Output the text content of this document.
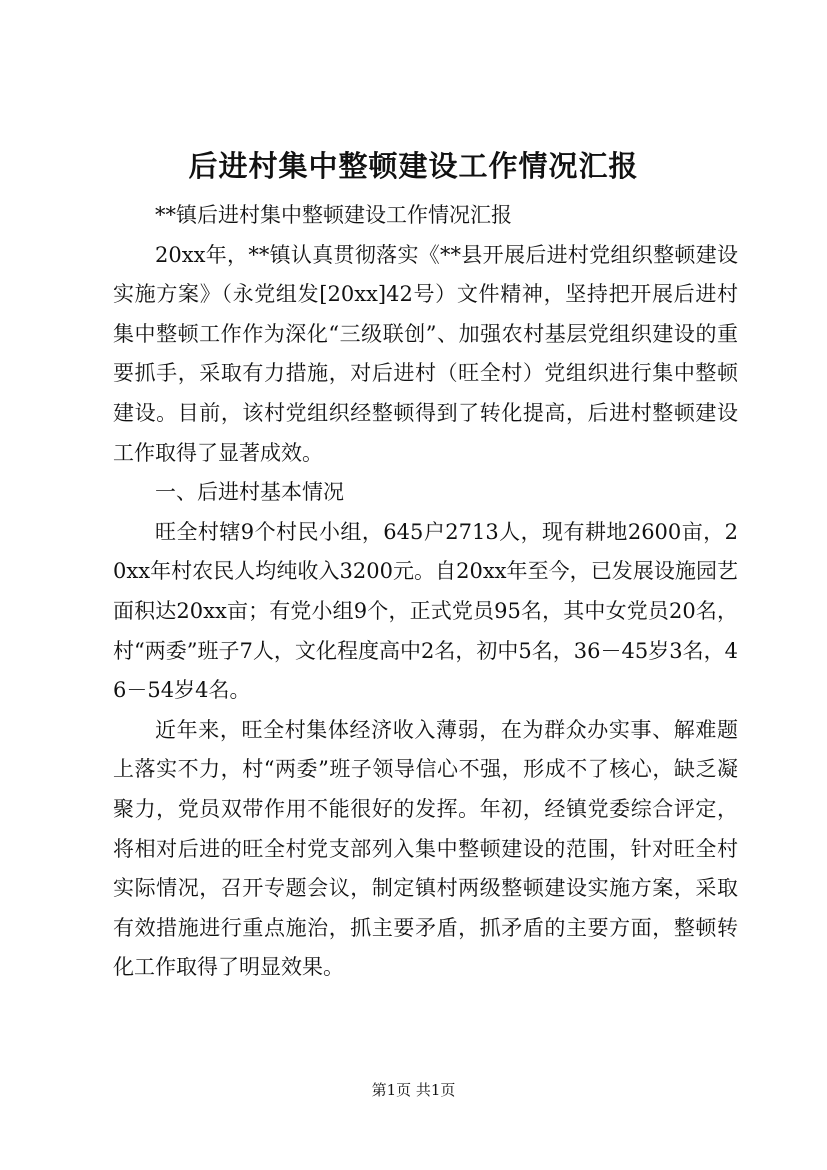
后进村集中整顿建设工作情况汇报

**镇后进村集中整顿建设工作情况汇报

20xx年，**镇认真贯彻落实《**县开展后进村党组织整顿建设实施方案》（永党组发[20xx]42号）文件精神，坚持把开展后进村集中整顿工作作为深化“三级联创”、加强农村基层党组织建设的重要抓手，采取有力措施，对后进村（旺全村）党组织进行集中整顿建设。目前，该村党组织经整顿得到了转化提高，后进村整顿建设工作取得了显著成效。

一、后进村基本情况

旺全村辖9个村民小组，645户2713人，现有耕地2600亩，20xx年村农民人均纯收入3200元。自20xx年至今，已发展设施园艺面积达20xx亩；有党小组9个，正式党员95名，其中女党员20名，村“两委”班子7人，文化程度高中2名，初中5名，36－45岁3名，46－54岁4名。

近年来，旺全村集体经济收入薄弱，在为群众办实事、解难题上落实不力，村“两委”班子领导信心不强，形成不了核心，缺乏凝聚力，党员双带作用不能很好的发挥。年初，经镇党委综合评定，将相对后进的旺全村党支部列入集中整顿建设的范围，针对旺全村实际情况，召开专题会议，制定镇村两级整顿建设实施方案，采取有效措施进行重点施治，抓主要矛盾，抓矛盾的主要方面，整顿转化工作取得了明显效果。

第1页 共1页
